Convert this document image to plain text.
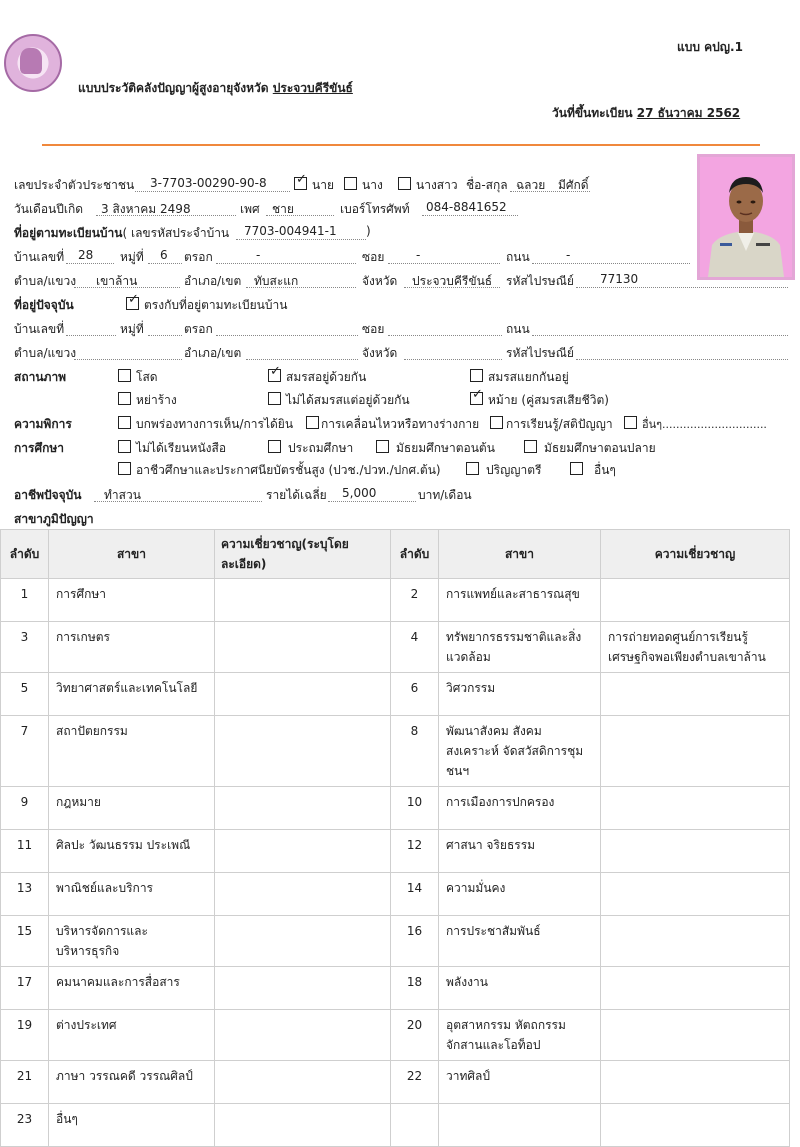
แบบ คปญ.1
แบบประวัติคลังปัญญาผู้สูงอายุจังหวัด ประจวบคีรีขันธ์
วันที่ขึ้นทะเบียน 27 ธันวาคม 2562
เลขประจำตัวประชาชน 3-7703-00290-90-8 ✓ นาย นาง	นางสาว ชื่อ-สกุล ฉลวย มีศักดิ์
วันเดือนปีเกิด 3 สิงหาคม 2498	เพศ ชาย	เบอร์โทรศัพท์ 084-8841652
ที่อยู่ตามทะเบียนบ้าน( เลขรหัสประจำบ้าน 7703-004941-1 )
บ้านเลขที่ 28 หมู่ที่ 6 ตรอก	-	ซอย	-	ถนน	-
ตำบล/แขวง เขาล้าน	อำเภอ/เขต ทับสะแก	จังหวัด ประจวบคีรีขันธ์ รหัสไปรษณีย์ 77130
ที่อยู่ปัจจุบัน	✓ ตรงกับที่อยู่ตามทะเบียนบ้าน
บ้านเลขที่	หมู่ที่	ตรอก	ซอย	ถนน
ตำบล/แขวง	อำเภอ/เขต	จังหวัด	รหัสไปรษณีย์
สถานภาพ	โสด	✓ สมรสอยู่ด้วยกัน	สมรสแยกกันอยู่
หย่าร้าง	ไม่ได้สมรสแต่อยู่ด้วยกัน	✓ หม้าย (คู่สมรสเสียชีวิต)
ความพิการ	บกพร่องทางการเห็น/การได้ยิน การเคลื่อนไหวหรือทางร่างกาย การเรียนรู้/สติปัญญา	อื่นๆ..............................
การศึกษา	ไม่ได้เรียนหนังสือ	ประถมศึกษา	มัธยมศึกษาตอนต้น	มัธยมศึกษาตอนปลาย
อาชีวศึกษาและประกาศนียบัตรชั้นสูง (ปวช./ปวท./ปกศ.ต้น)	ปริญญาตรี	อื่นๆ
อาชีพปัจจุบัน ทำสวน	รายได้เฉลี่ย 5,000	บาท/เดือน
สาขาภูมิปัญญา
ลำดับ	สาขา	ความเชี่ยวชาญ(ระบุโดย
ละเอียด)	ลำดับ	สาขา	ความเชี่ยวชาญ
1	การศึกษา		2	การแพทย์และสาธารณสุข	
3	การเกษตร		4	ทรัพยากรธรรมชาติและสิ่งแวดล้อม	การถ่ายทอดศูนย์การเรียนรู้เศรษฐกิจพอเพียงตำบลเขาล้าน
5	วิทยาศาสตร์และเทคโนโลยี		6	วิศวกรรม	
7	สถาปัตยกรรม		8	พัฒนาสังคม สังคม สงเคราะห์ จัดสวัสดิการชุมชนฯ	
9	กฎหมาย		10	การเมืองการปกครอง	
11	ศิลปะ วัฒนธรรม ประเพณี		12	ศาสนา จริยธรรม	
13	พาณิชย์และบริการ		14	ความมั่นคง	
15	บริหารจัดการและบริหารธุรกิจ		16	การประชาสัมพันธ์	
17	คมนาคมและการสื่อสาร		18	พลังงาน	
19	ต่างประเทศ		20	อุตสาหกรรม หัตถกรรม จักสานและโอท็อป	
21	ภาษา วรรณคดี วรรณศิลป์		22	วาทศิลป์	
23	อื่นๆ				
